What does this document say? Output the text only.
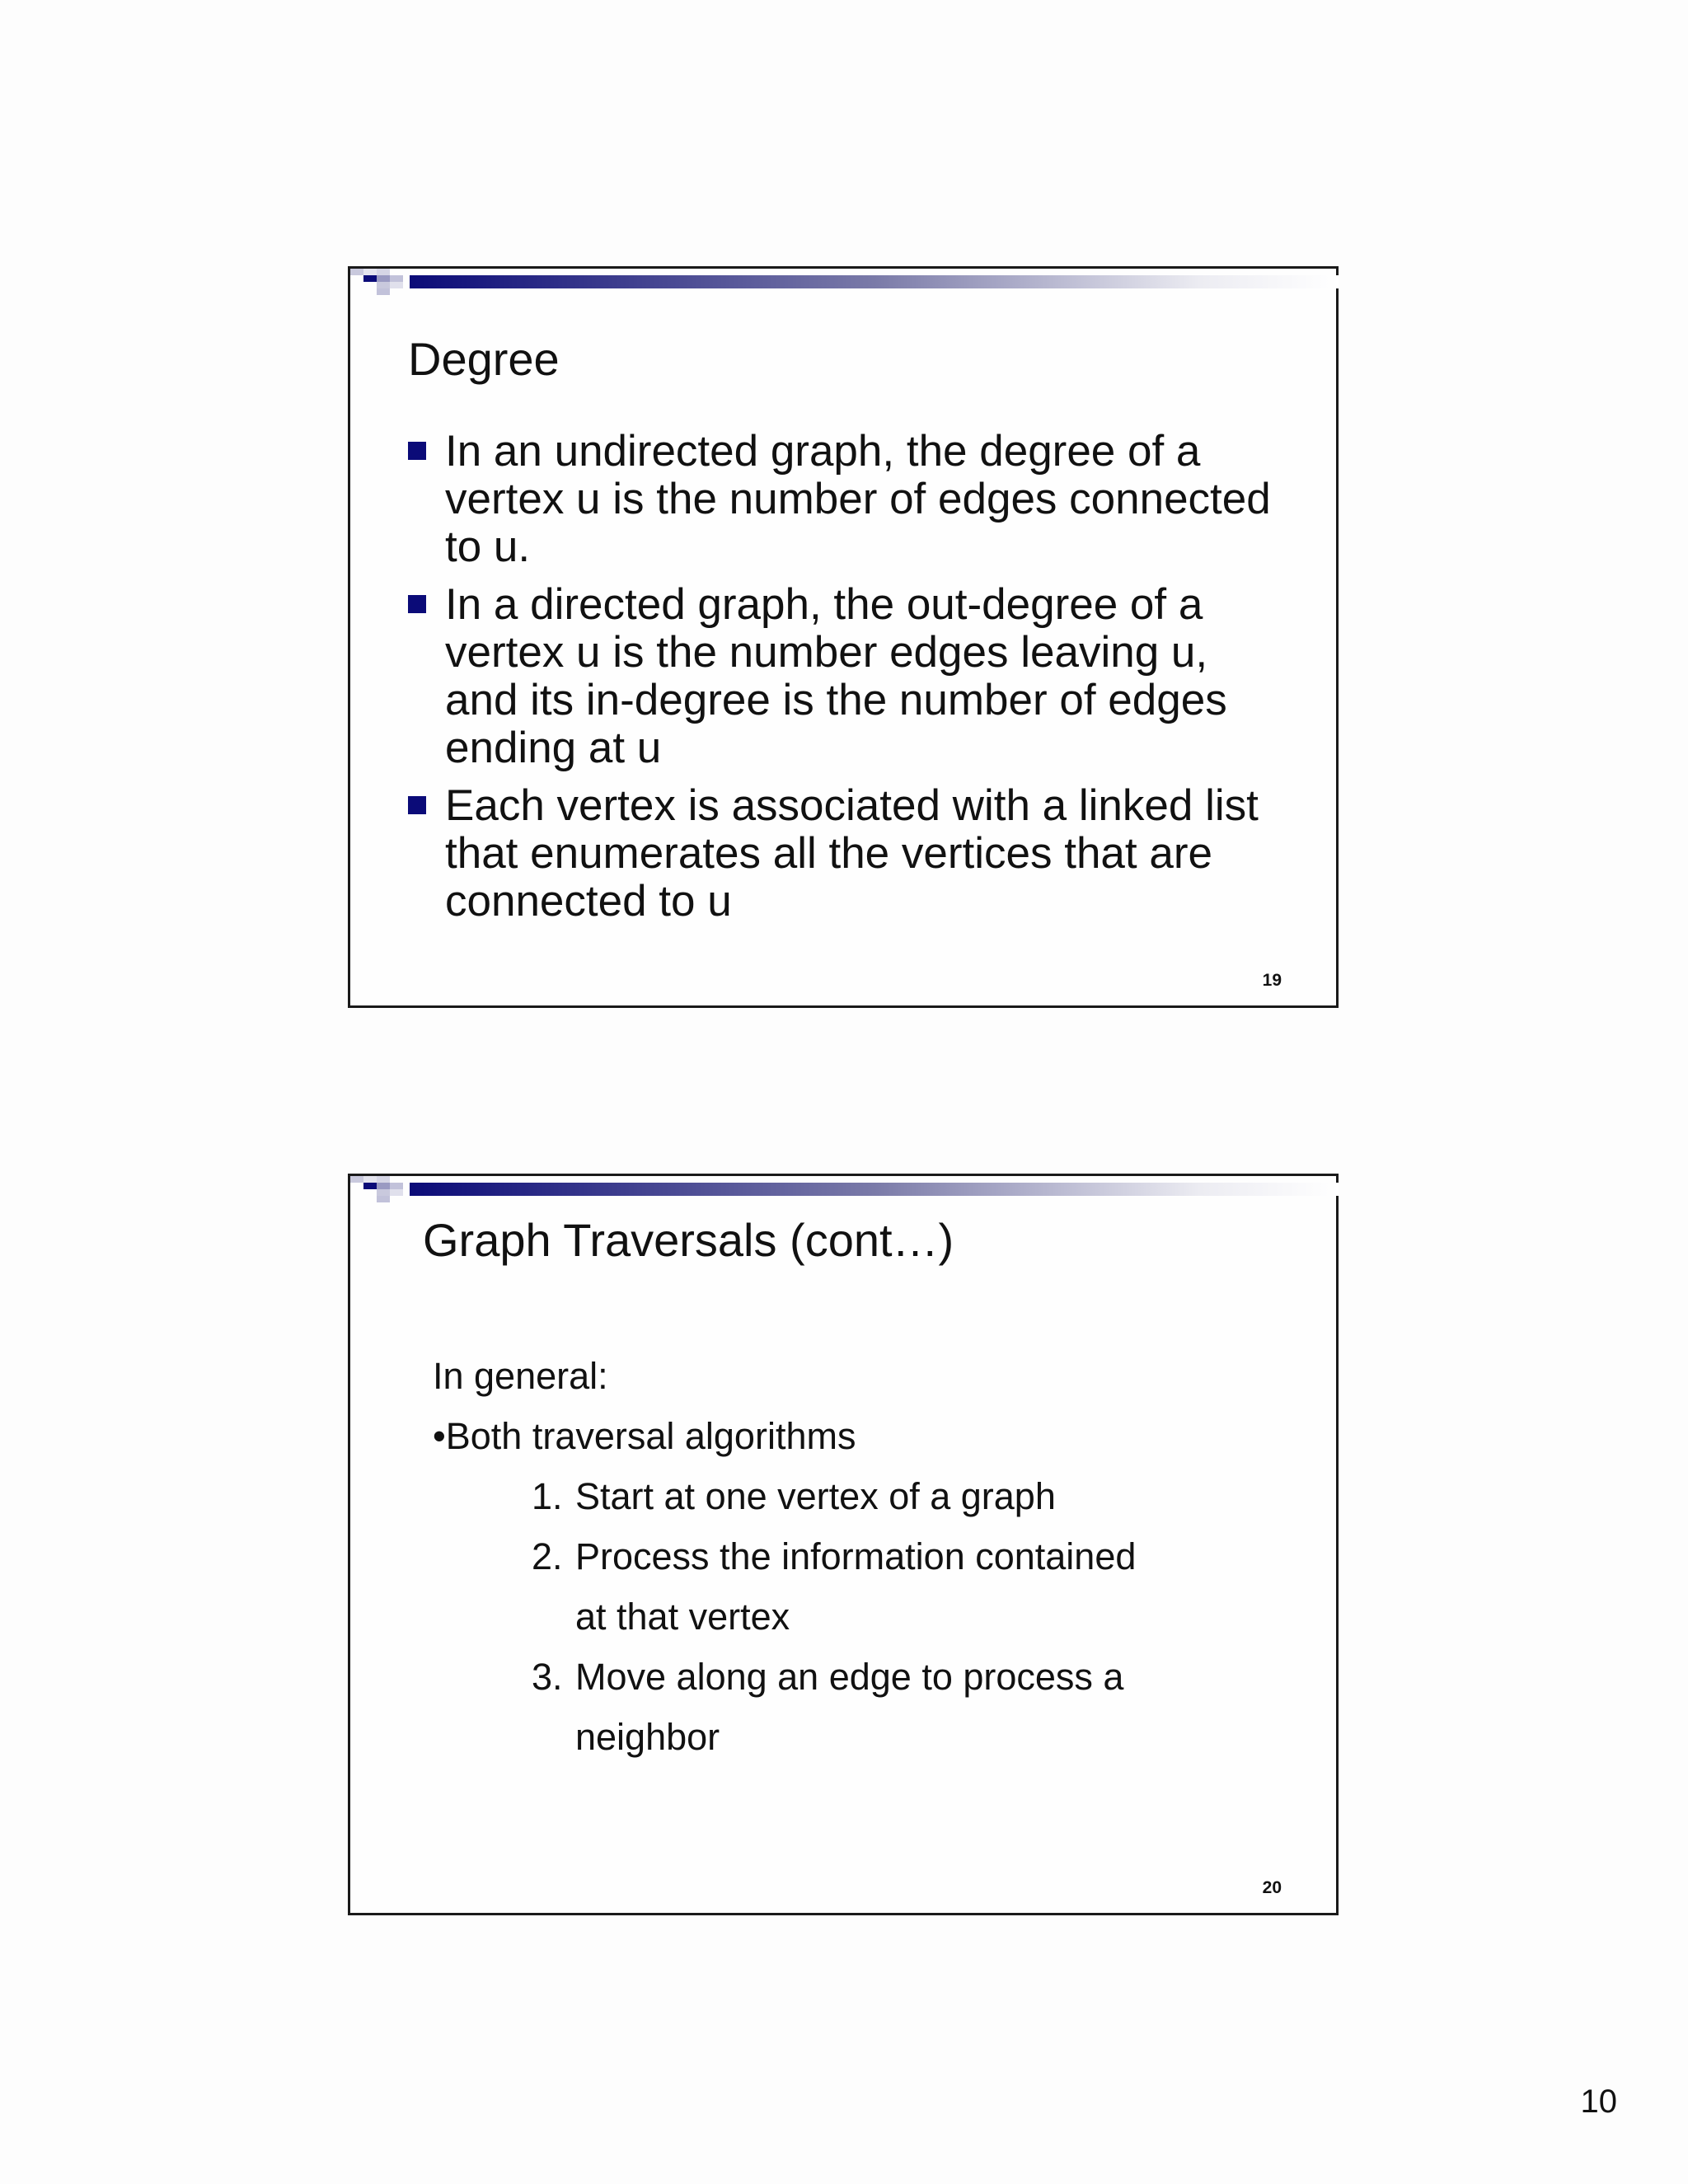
Degree
In an undirected graph, the degree of a
vertex u is the number of edges connected
to u.
In a directed graph, the out-degree of a
vertex u is the number edges leaving u,
and its in-degree is the number of edges
ending at u
Each vertex is associated with a linked list
that enumerates all the vertices that are
connected to u
19
Graph Traversals (cont…)
In general:
•Both traversal algorithms
1. Start at one vertex of a graph
2. Process the information contained
at that vertex
3. Move along an edge to process a
neighbor
20
10
